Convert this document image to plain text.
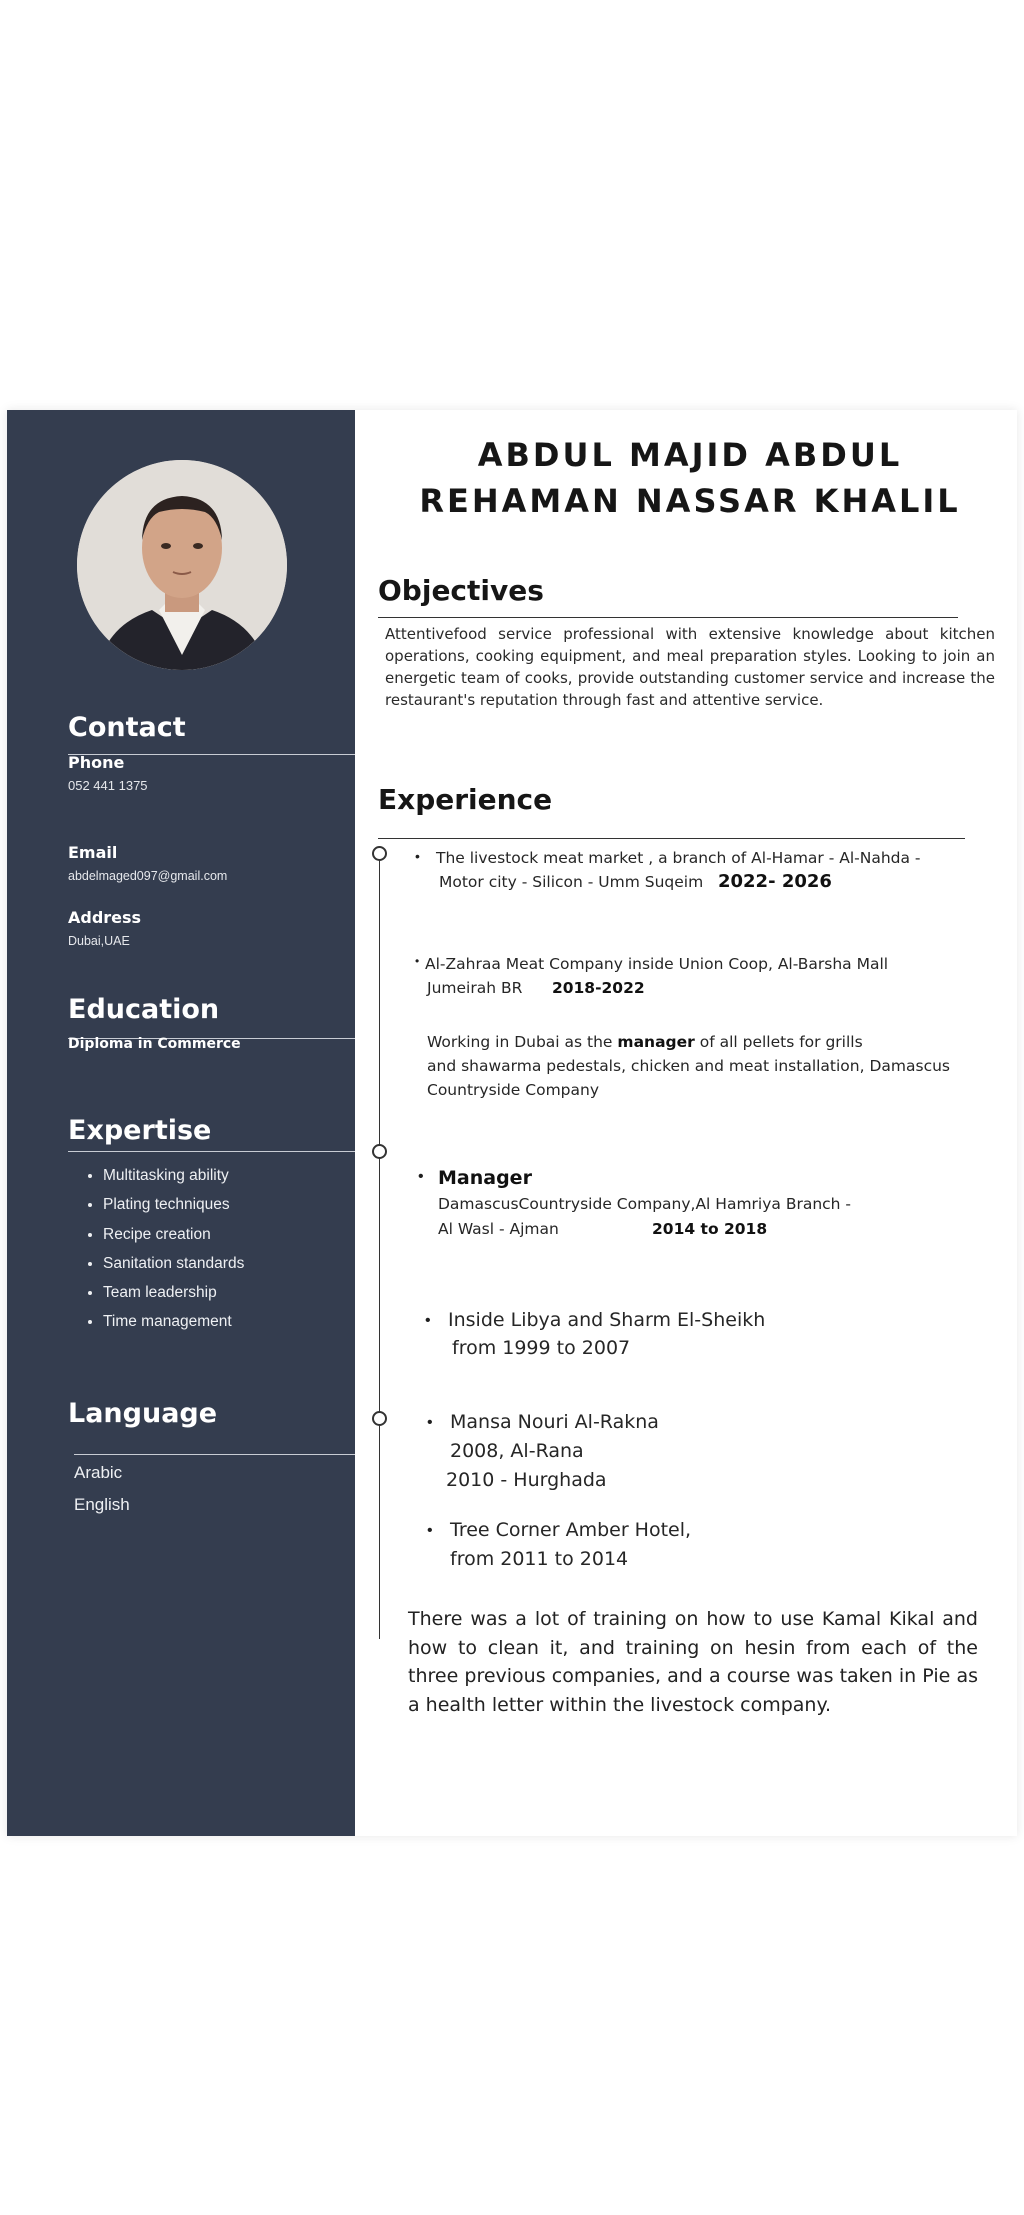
Contact
Phone
052 441 1375
Email
abdelmaged097@gmail.com
Address
Dubai,UAE
Education
Diploma in Commerce
Expertise
• Multitasking ability
• Plating techniques
• Recipe creation
• Sanitation standards
• Team leadership
• Time management
Language
Arabic
English
ABDUL MAJID ABDUL REHAMAN NASSAR KHALIL
Objectives

Attentivefood service professional with extensive knowledge about kitchen operations, cooking equipment, and meal preparation styles. Looking to join an energetic team of cooks, provide outstanding customer service and increase the restaurant's reputation through fast and attentive service.

Experience
• The livestock meat market , a branch of Al-Hamar - Al-Nahda -
Motor city - Silicon - Umm Suqeim 2022- 2026
• Al-Zahraa Meat Company inside Union Coop, Al-Barsha Mall
Jumeirah BR 2018-2022
Working in Dubai as the manager of all pellets for grills
and shawarma pedestals, chicken and meat installation, Damascus
Countryside Company
• Manager
DamascusCountryside Company,Al Hamriya Branch -
Al Wasl - Ajman	2014 to 2018
• Inside Libya and Sharm El-Sheikh
from 1999 to 2007
• Mansa Nouri Al-Rakna
2008, Al-Rana
2010 - Hurghada
• Tree Corner Amber Hotel,
from 2011 to 2014

There was a lot of training on how to use Kamal Kikal and how to clean it, and training on hesin from each of the three previous companies, and a course was taken in Pie as a health letter within the livestock company.
